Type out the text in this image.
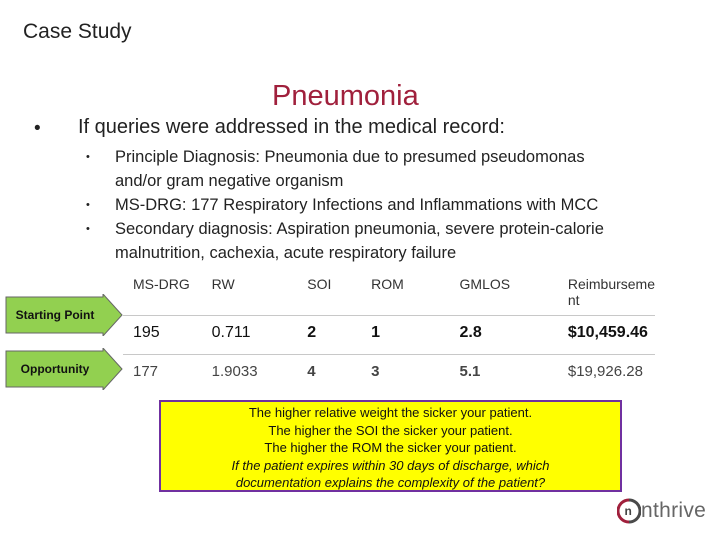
Case Study
Pneumonia
• If queries were addressed in the medical record:
• Principle Diagnosis: Pneumonia due to presumed pseudomonas
and/or gram negative organism
• MS-DRG: 177 Respiratory Infections and Inflammations with MCC
• Secondary diagnosis: Aspiration pneumonia, severe protein-calorie
malnutrition, cachexia, acute respiratory failure
MS-DRG	RW	SOI	ROM	GMLOS	Reimburseme
nt

195	0.711	2	1	2.8	$10,459.46
177	1.9033	4	3	5.1	$19,926.28
Starting Point
Opportunity
The higher relative weight the sicker your patient.
The higher the SOI the sicker your patient.
The higher the ROM the sicker your patient.
If the patient expires within 30 days of discharge, which
documentation explains the complexity of the patient?
n nthrive
